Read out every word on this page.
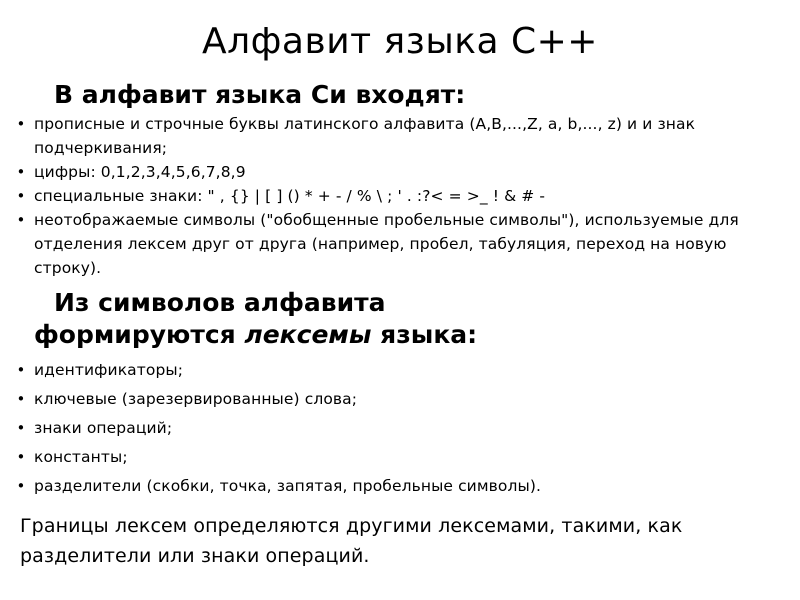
Алфавит языка С++
В алфавит языка Си входят:
• прописные и строчные буквы латинского алфавита (A,B,...,Z, a, b,..., z) и и знак подчеркивания;
• цифры: 0,1,2,3,4,5,6,7,8,9
• специальные знаки: " , {} | [ ] () * + - / % \ ; ' . :?< = >_ ! & # -
• неотображаемые символы ("обобщенные пробельные символы"), используемые для отделения лексем друг от друга (например, пробел, табуляция, переход на новую строку).
Из символов алфавита
формируются лексемы языка:
• идентификаторы;
• ключевые (зарезервированные) слова;
• знаки операций;
• константы;
• разделители (скобки, точка, запятая, пробельные символы).

Границы лексем определяются другими лексемами, такими, как разделители или знаки операций.
